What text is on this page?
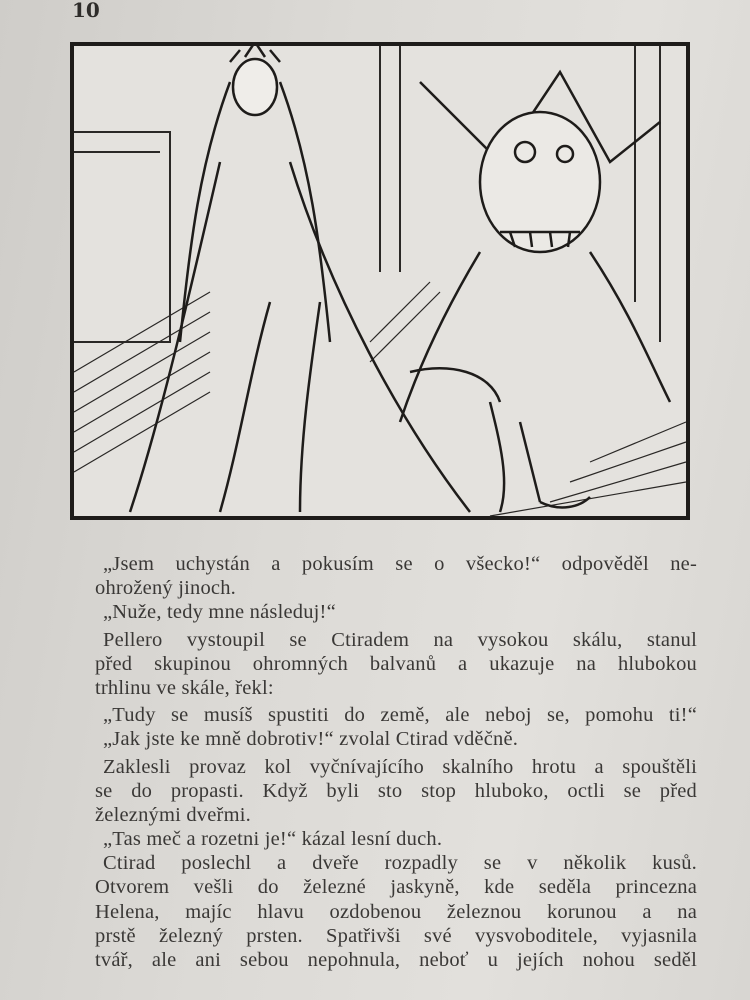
10
„Jsem uchystán a pokusím se o všecko!“ odpověděl ne-
ohrožený jinoch.
„Nuže, tedy mne následuj!“
Pellero vystoupil se Ctiradem na vysokou skálu, stanul
před skupinou ohromných balvanů a ukazuje na hlubokou
trhlinu ve skále, řekl:
„Tudy se musíš spustiti do země, ale neboj se, pomohu ti!“
„Jak jste ke mně dobrotiv!“ zvolal Ctirad vděčně.
Zaklesli provaz kol vyčnívajícího skalního hrotu a spouštěli
se do propasti. Když byli sto stop hluboko, octli se před
železnými dveřmi.
„Tas meč a rozetni je!“ kázal lesní duch.
Ctirad poslechl a dveře rozpadly se v několik kusů.
Otvorem vešli do železné jaskyně, kde seděla princezna
Helena, majíc hlavu ozdobenou železnou korunou a na
prstě železný prsten. Spatřivši své vysvoboditele, vyjasnila
tvář, ale ani sebou nepohnula, neboť u jejích nohou seděl
